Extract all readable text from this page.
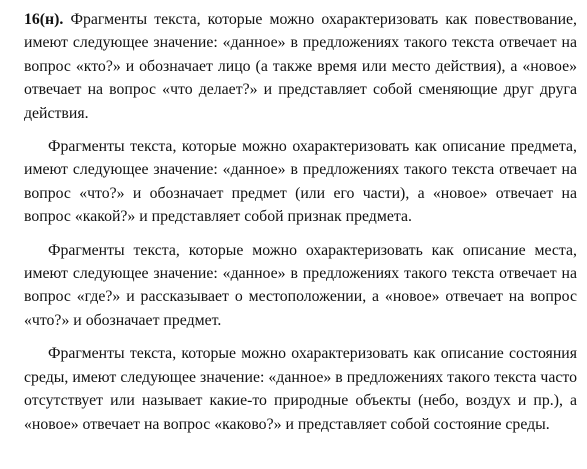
16(н). Фрагменты текста, которые можно охарактеризовать как повествование, имеют следующее значение: «данное» в предложениях такого текста отвечает на вопрос «кто?» и обозначает лицо (а также время или место действия), а «новое» отвечает на вопрос «что делает?» и представляет собой сменяющие друг друга действия.

Фрагменты текста, которые можно охарактеризовать как описание предмета, имеют следующее значение: «данное» в предложениях такого текста отвечает на вопрос «что?» и обозначает предмет (или его части), а «новое» отвечает на вопрос «какой?» и представляет собой признак предмета.

Фрагменты текста, которые можно охарактеризовать как описание места, имеют следующее значение: «данное» в предложениях такого текста отвечает на вопрос «где?» и рассказывает о местоположении, а «новое» отвечает на вопрос «что?» и обозначает предмет.

Фрагменты текста, которые можно охарактеризовать как описание состояния среды, имеют следующее значение: «данное» в предложениях такого текста часто отсутствует или называет какие-то природные объекты (небо, воздух и пр.), а «новое» отвечает на вопрос «каково?» и представляет собой состояние среды.
